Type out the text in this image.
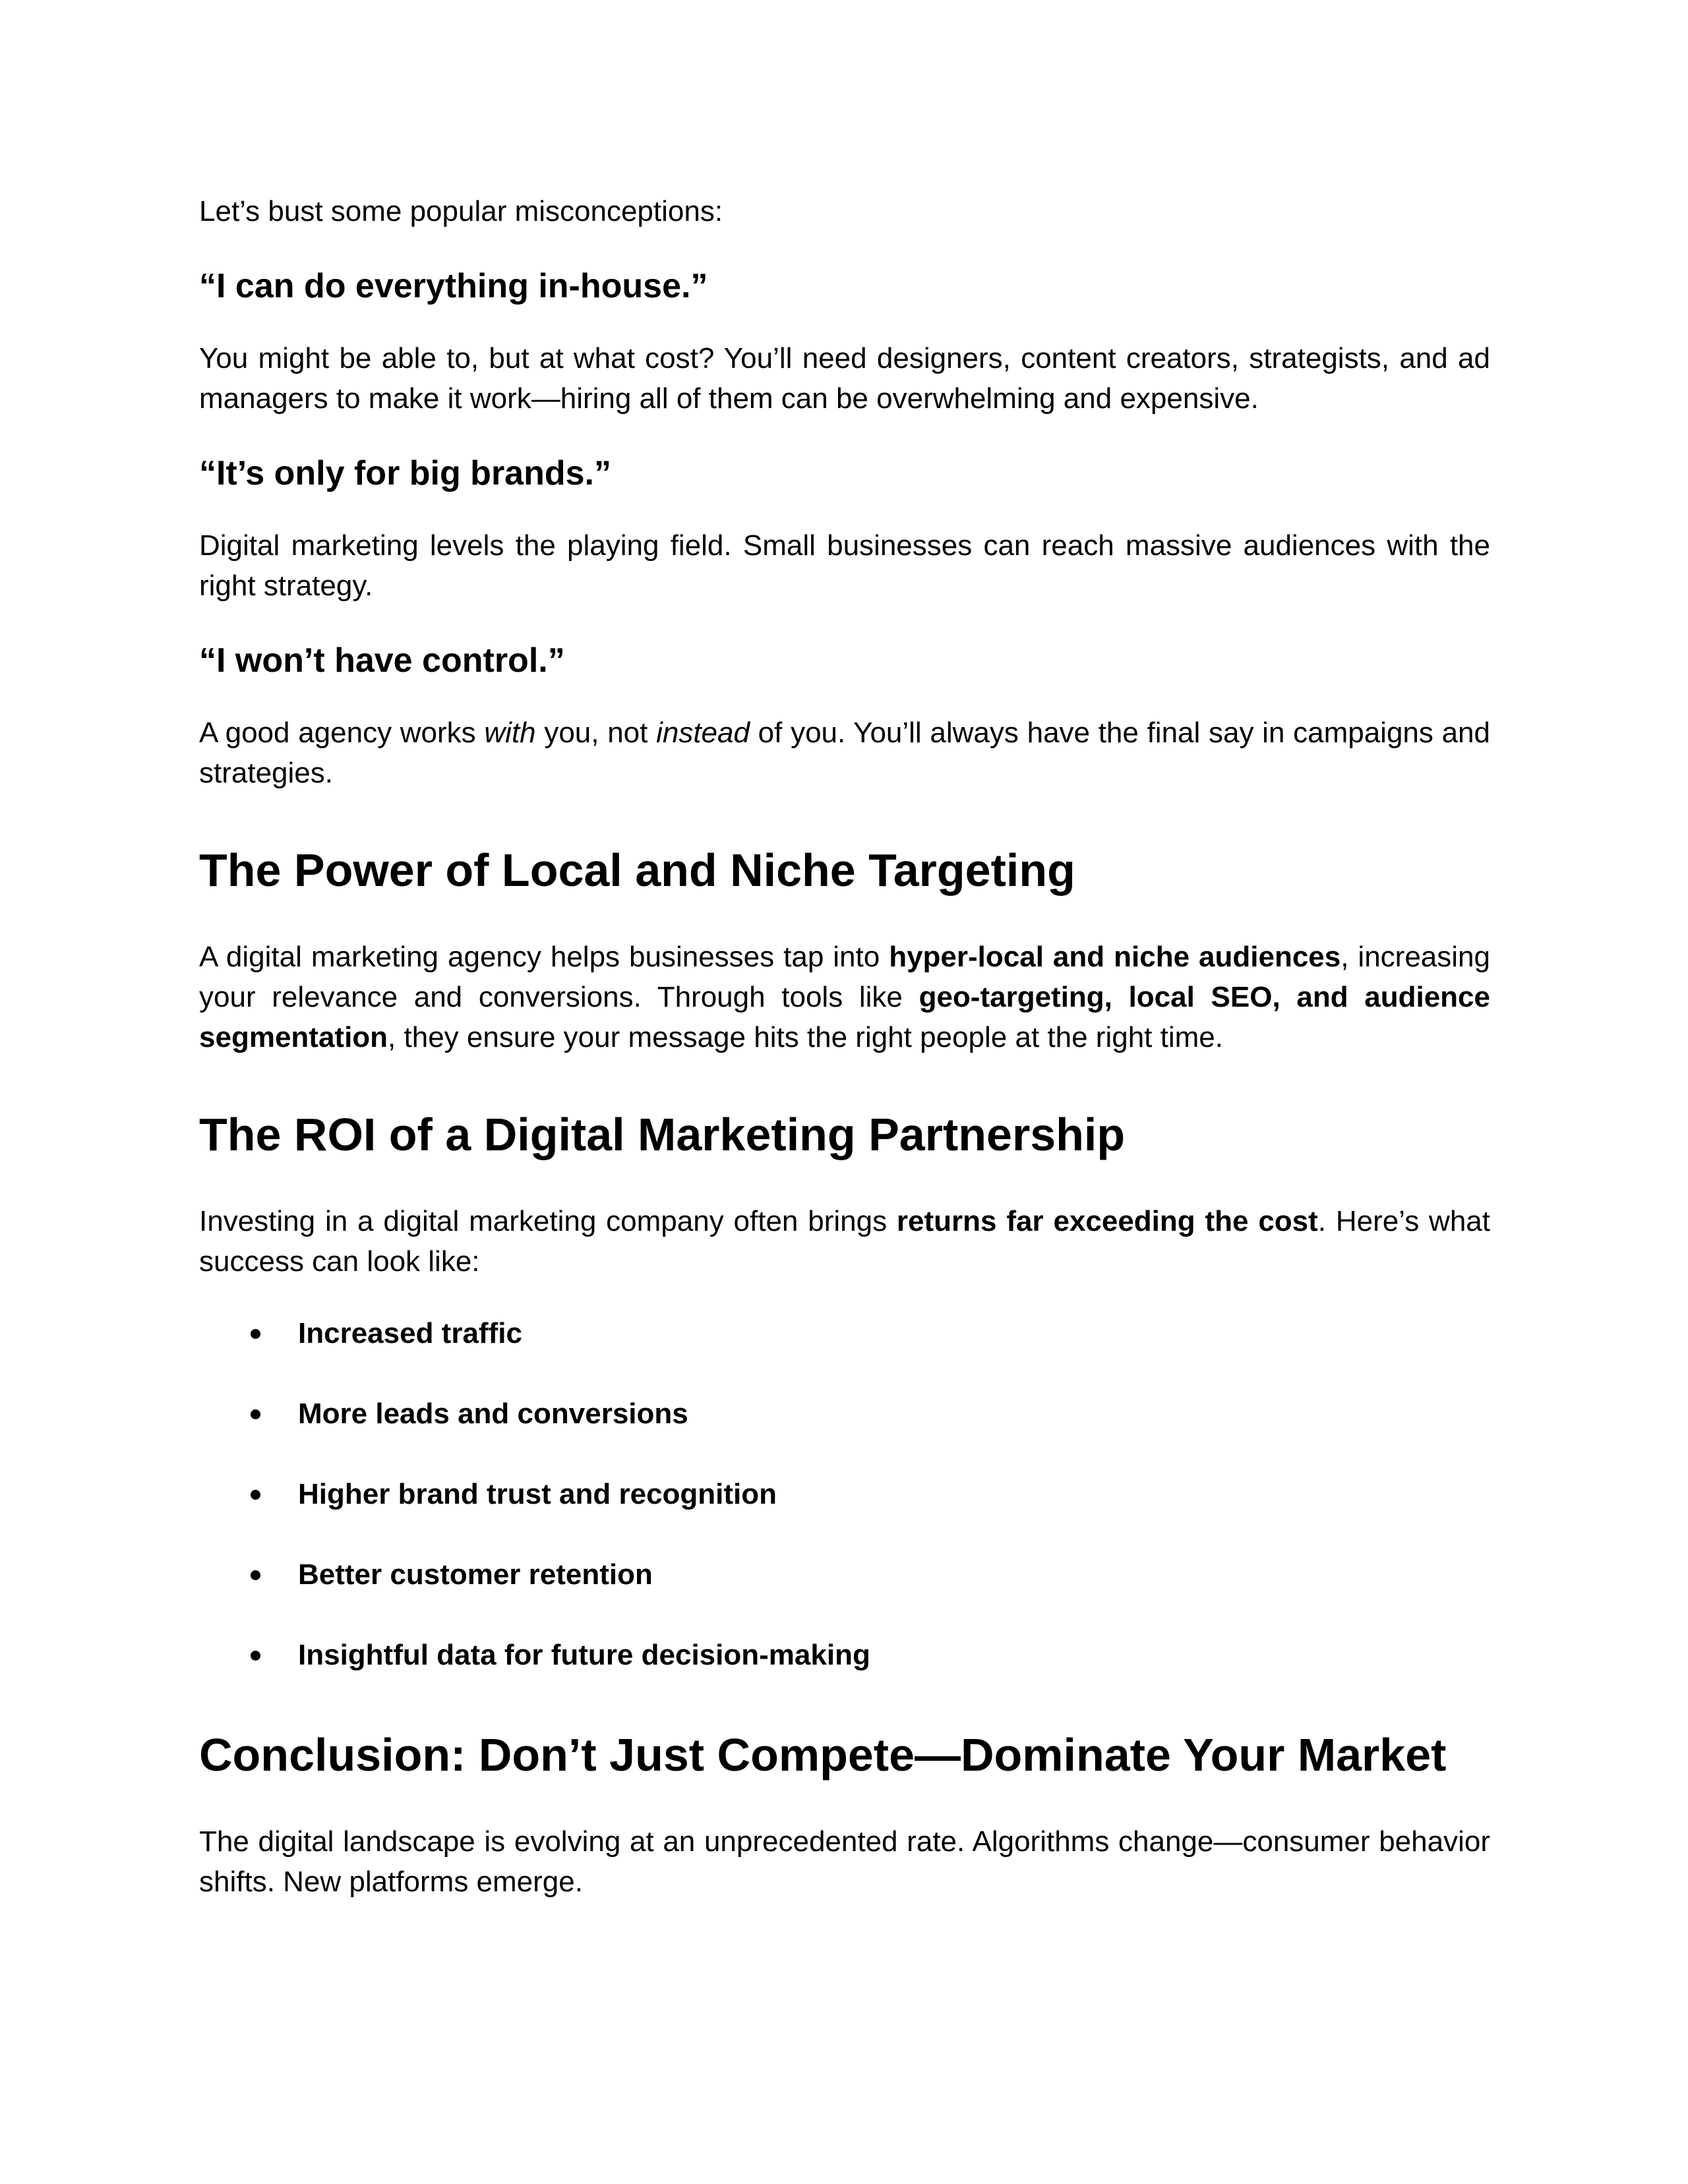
Let’s bust some popular misconceptions:

“I can do everything in-house.”

You might be able to, but at what cost? You’ll need designers, content creators, strategists, and ad managers to make it work—hiring all of them can be overwhelming and expensive.

“It’s only for big brands.”

Digital marketing levels the playing field. Small businesses can reach massive audiences with the right strategy.

“I won’t have control.”

A good agency works with you, not instead of you. You’ll always have the final say in campaigns and strategies.

The Power of Local and Niche Targeting

A digital marketing agency helps businesses tap into hyper-local and niche audiences, increasing your relevance and conversions. Through tools like geo-targeting, local SEO, and audience segmentation, they ensure your message hits the right people at the right time.

The ROI of a Digital Marketing Partnership

Investing in a digital marketing company often brings returns far exceeding the cost. Here’s what success can look like:

Increased traffic
More leads and conversions
Higher brand trust and recognition
Better customer retention
Insightful data for future decision-making
Conclusion: Don’t Just Compete—Dominate Your Market

The digital landscape is evolving at an unprecedented rate. Algorithms change—consumer behavior shifts. New platforms emerge.
